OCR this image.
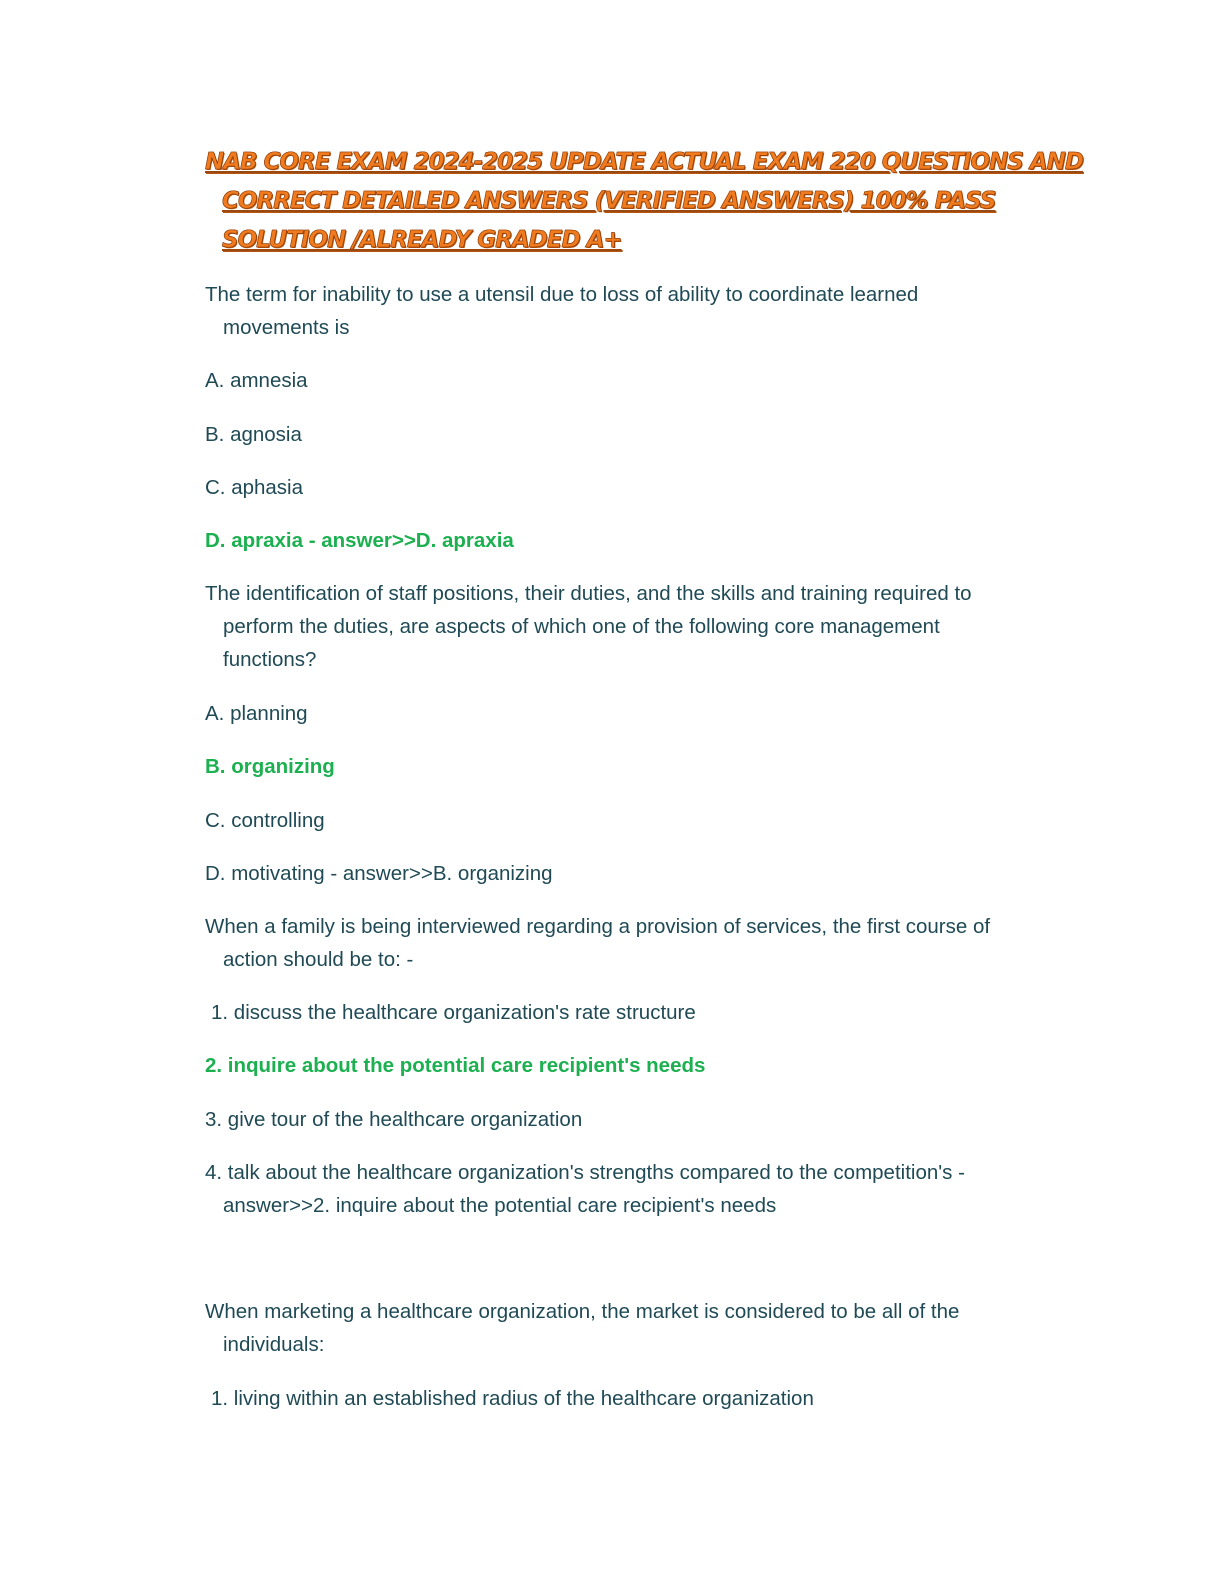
NAB CORE EXAM 2024-2025 UPDATE ACTUAL EXAM 220 QUESTIONS AND
CORRECT DETAILED ANSWERS (VERIFIED ANSWERS) 100% PASS
SOLUTION /ALREADY GRADED A+
The term for inability to use a utensil due to loss of ability to coordinate learned
movements is
A. amnesia
B. agnosia
C. aphasia
D. apraxia - answer>>D. apraxia
The identification of staff positions, their duties, and the skills and training required to
perform the duties, are aspects of which one of the following core management
functions?
A. planning
B. organizing
C. controlling
D. motivating - answer>>B. organizing
When a family is being interviewed regarding a provision of services, the first course of
action should be to: -
1. discuss the healthcare organization's rate structure
2. inquire about the potential care recipient's needs
3. give tour of the healthcare organization
4. talk about the healthcare organization's strengths compared to the competition's -
answer>>2. inquire about the potential care recipient's needs
When marketing a healthcare organization, the market is considered to be all of the
individuals:
1. living within an established radius of the healthcare organization
